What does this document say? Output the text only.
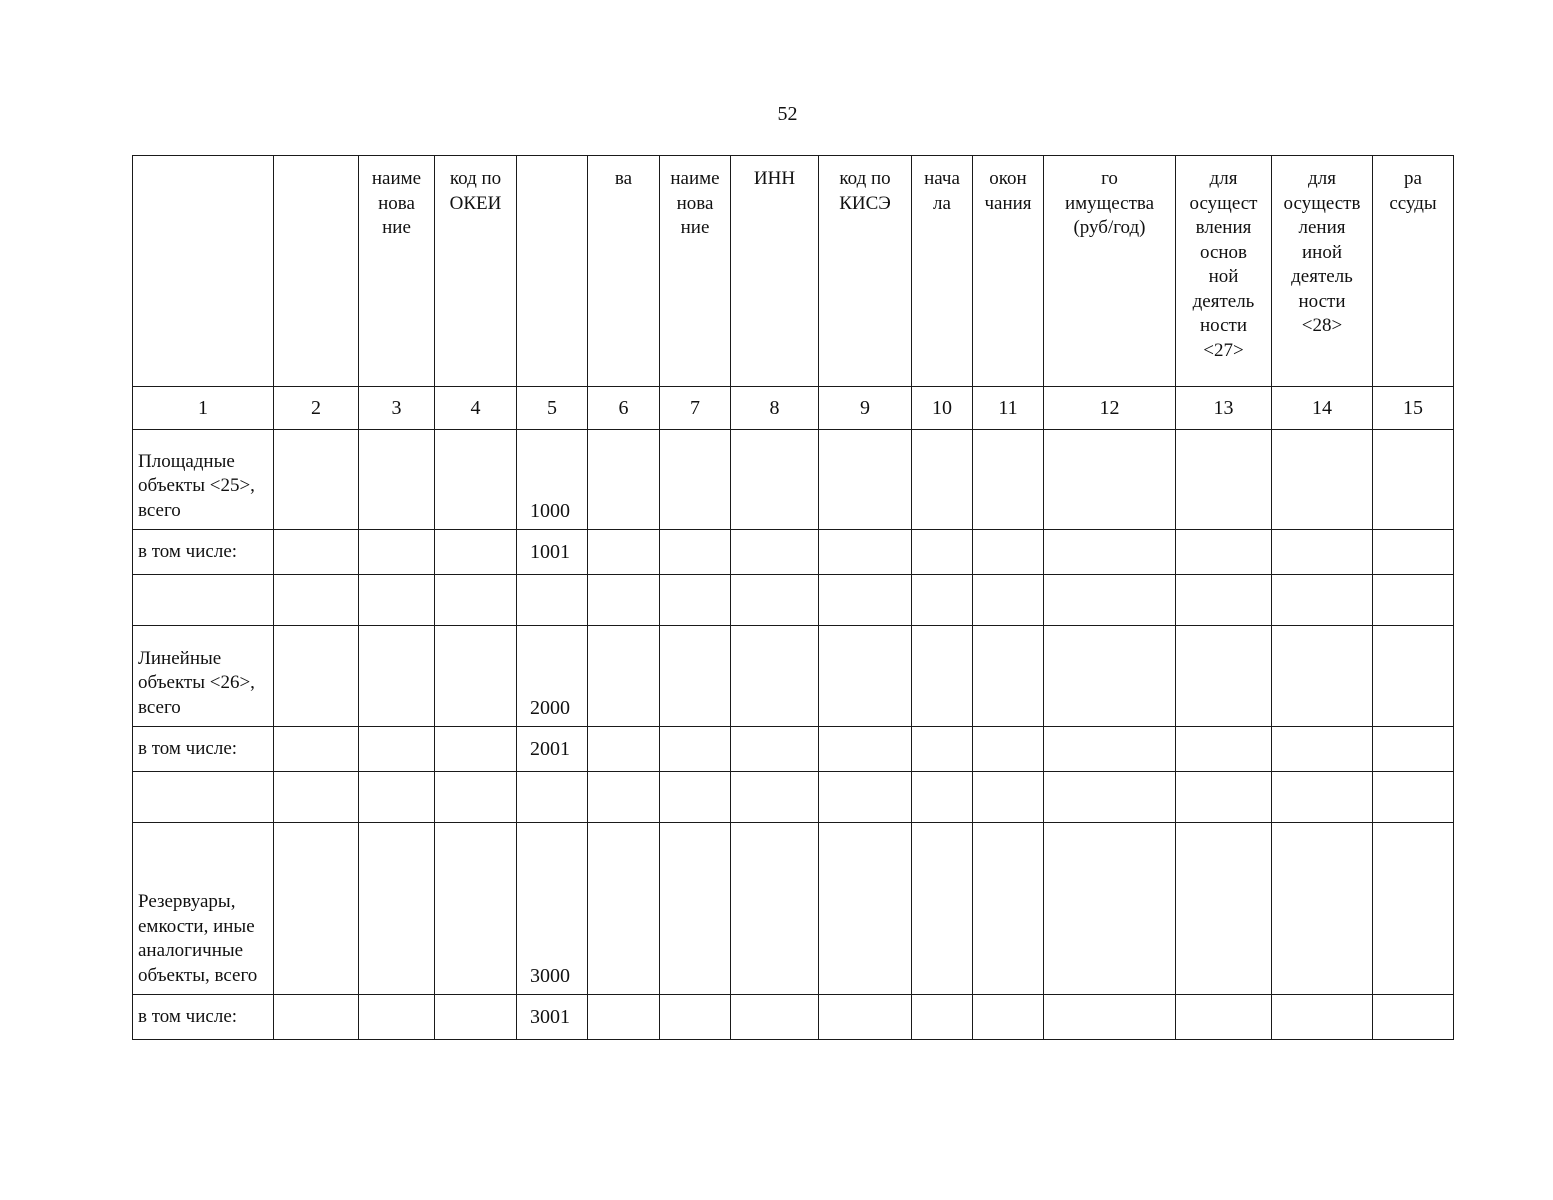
52
		наиме нова ние	код по ОКЕИ		ва	наиме нова ние	ИНН	код по КИСЭ	нача ла	окон чания	го имущества (руб/год)	для осущест вления основ ной деятель ности <27>	для осуществ ления иной деятель ности <28>	ра ссуды
1	2	3	4	5	6	7	8	9	10	11	12	13	14	15
Площадные объекты <25>, всего				1000										
в том числе:				1001										

Линейные объекты <26>, всего				2000										
в том числе:				2001										

Резервуары, емкости, иные аналогичные объекты, всего				3000										
в том числе:				3001										
